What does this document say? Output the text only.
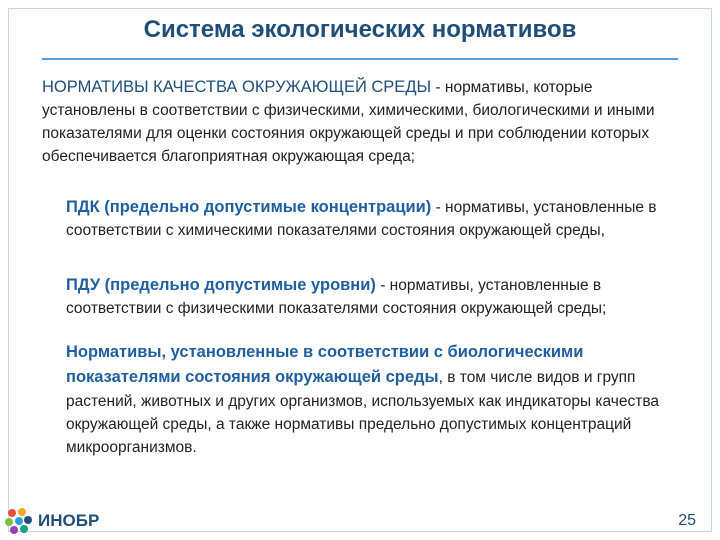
Система экологических нормативов
НОРМАТИВЫ КАЧЕСТВА ОКРУЖАЮЩЕЙ СРЕДЫ - нормативы, которые установлены в соответствии с физическими, химическими, биологическими и иными показателями для оценки состояния окружающей среды и при соблюдении которых обеспечивается благоприятная окружающая среда;
ПДК (предельно допустимые концентрации) - нормативы, установленные в соответствии с химическими показателями состояния окружающей среды,
ПДУ (предельно допустимые уровни) - нормативы, установленные в соответствии с физическими показателями состояния окружающей среды;
Нормативы, установленные в соответствии с биологическими показателями состояния окружающей среды, в том числе видов и групп растений, животных и других организмов, используемых как индикаторы качества окружающей среды, а также нормативы предельно допустимых концентраций микроорганизмов.
ИНОБР	25
